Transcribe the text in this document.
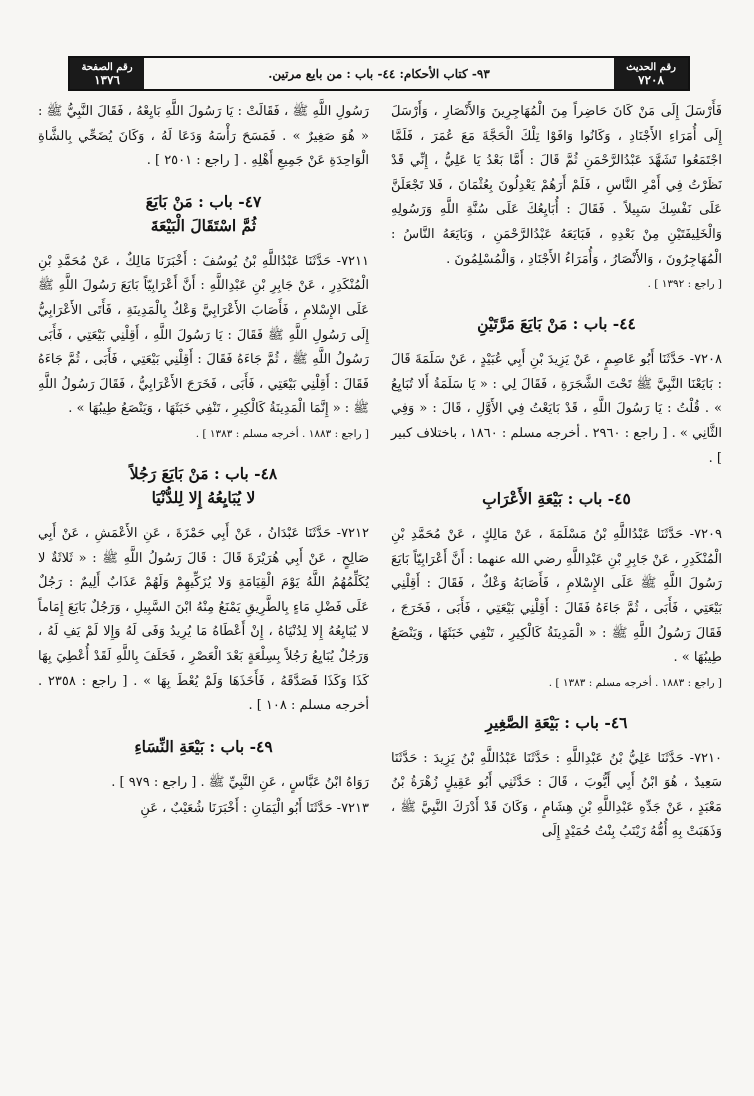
رقم الحديث
٧٢٠٨
٩٣- كتاب الأحكام: ٤٤- باب : من بايع مرتين.
رقم الصفحة
١٣٧٦

فَأَرْسَلَ إِلَى مَنْ كَانَ حَاضِراً مِنَ الْمُهَاجِرِينَ وَالأَنْصَارِ ، وَأَرْسَلَ إِلَى أُمَرَاءِ الأَجْنَادِ ، وَكَانُوا وَافَوْا تِلْكَ الْحَجَّةَ مَعَ عُمَرَ ، فَلَمَّا اجْتَمَعُوا تَشَهَّدَ عَبْدُالرَّحْمَنِ ثُمَّ قَالَ : أَمَّا بَعْدُ يَا عَلِيُّ ، إِنِّي قَدْ نَظَرْتُ فِي أَمْرِ النَّاسِ ، فَلَمْ أَرَهُمْ يَعْدِلُونَ بِعُثْمَانَ ، فَلا تَجْعَلَنَّ عَلَى نَفْسِكَ سَبِيلاً . فَقَالَ : أُبَايِعُكَ عَلَى سُنَّةِ اللَّهِ وَرَسُولِهِ وَالْخَلِيفَتَيْنِ مِنْ بَعْدِهِ ، فَبَايَعَهُ عَبْدُالرَّحْمَنِ ، وَبَايَعَهُ النَّاسُ : الْمُهَاجِرُونَ ، وَالأَنْصَارُ ، وَأُمَرَاءُ الأَجْنَادِ ، وَالْمُسْلِمُونَ .

[ راجع : ١٣٩٢ ] .

٤٤- باب : مَنْ بَايَعَ مَرَّتَيْنِ

٧٢٠٨- حَدَّثَنَا أَبُو عَاصِمٍ ، عَنْ يَزِيدَ بْنِ أَبِي عُبَيْدٍ ، عَنْ سَلَمَةَ قَالَ : بَايَعْنَا النَّبِيَّ ﷺ تَحْتَ الشَّجَرَةِ ، فَقَالَ لِي : « يَا سَلَمَةُ أَلا تُبَايِعُ » . قُلْتُ : يَا رَسُولَ اللَّهِ ، قَدْ بَايَعْتُ فِي الأَوَّلِ ، قَالَ : « وَفِي الثَّانِي » . [ راجع : ٢٩٦٠ . أخرجه مسلم : ١٨٦٠ ، باختلاف كبير ] .

٤٥- باب : بَيْعَةِ الأَعْرَابِ

٧٢٠٩- حَدَّثَنَا عَبْدُاللَّهِ بْنُ مَسْلَمَةَ ، عَنْ مَالِكٍ ، عَنْ مُحَمَّدِ بْنِ الْمُنْكَدِرِ ، عَنْ جَابِرِ بْنِ عَبْدِاللَّهِ رضي الله عنهما : أَنَّ أَعْرَابِيّاً بَايَعَ رَسُولَ اللَّهِ ﷺ عَلَى الإِسْلامِ ، فَأَصَابَهُ وَعْكٌ ، فَقَالَ : أَقِلْنِي بَيْعَتِي ، فَأَبَى ، ثُمَّ جَاءَهُ فَقَالَ : أَقِلْنِي بَيْعَتِي ، فَأَبَى ، فَخَرَجَ ، فَقَالَ رَسُولُ اللَّهِ ﷺ : « الْمَدِينَةُ كَالْكِيرِ ، تَنْفِي خَبَثَهَا ، وَيَنْصَعُ طِيبُهَا » .

[ راجع : ١٨٨٣ . أخرجه مسلم : ١٣٨٣ ] .

٤٦- باب : بَيْعَةِ الصَّغِيرِ

٧٢١٠- حَدَّثَنَا عَلِيُّ بْنُ عَبْدِاللَّهِ : حَدَّثَنَا عَبْدُاللَّهِ بْنُ يَزِيدَ : حَدَّثَنَا سَعِيدٌ ، هُوَ ابْنُ أَبِي أَيُّوبَ ، قَالَ : حَدَّثَنِي أَبُو عَقِيلٍ زُهْرَةُ بْنُ مَعْبَدٍ ، عَنْ جَدِّهِ عَبْدِاللَّهِ بْنِ هِشَامٍ ، وَكَانَ قَدْ أَدْرَكَ النَّبِيَّ ﷺ ، وَذَهَبَتْ بِهِ أُمُّهُ زَيْنَبُ بِنْتُ حُمَيْدٍ إِلَى

رَسُولِ اللَّهِ ﷺ ، فَقَالَتْ : يَا رَسُولَ اللَّهِ بَايِعْهُ ، فَقَالَ النَّبِيُّ ﷺ : « هُوَ صَغِيرٌ » . فَمَسَحَ رَأْسَهُ وَدَعَا لَهُ ، وَكَانَ يُضَحِّي بِالشَّاةِ الْوَاحِدَةِ عَنْ جَمِيعِ أَهْلِهِ . [ راجع : ٢٥٠١ ] .

٤٧- باب : مَنْ بَايَعَ
ثُمَّ اسْتَقَالَ الْبَيْعَةَ

٧٢١١- حَدَّثَنَا عَبْدُاللَّهِ بْنُ يُوسُفَ : أَخْبَرَنَا مَالِكٌ ، عَنْ مُحَمَّدِ بْنِ الْمُنْكَدِرِ ، عَنْ جَابِرِ بْنِ عَبْدِاللَّهِ : أَنَّ أَعْرَابِيّاً بَايَعَ رَسُولَ اللَّهِ ﷺ عَلَى الإِسْلامِ ، فَأَصَابَ الأَعْرَابِيَّ وَعْكٌ بِالْمَدِينَةِ ، فَأَتَى الأَعْرَابِيُّ إِلَى رَسُولِ اللَّهِ ﷺ فَقَالَ : يَا رَسُولَ اللَّهِ ، أَقِلْنِي بَيْعَتِي ، فَأَبَى رَسُولُ اللَّهِ ﷺ ، ثُمَّ جَاءَهُ فَقَالَ : أَقِلْنِي بَيْعَتِي ، فَأَبَى ، ثُمَّ جَاءَهُ فَقَالَ : أَقِلْنِي بَيْعَتِي ، فَأَبَى ، فَخَرَجَ الأَعْرَابِيُّ ، فَقَالَ رَسُولُ اللَّهِ ﷺ : « إِنَّمَا الْمَدِينَةُ كَالْكِيرِ ، تَنْفِي خَبَثَهَا ، وَيَنْصَعُ طِيبُهَا » .

[ راجع : ١٨٨٣ . أخرجه مسلم : ١٣٨٣ ] .

٤٨- باب : مَنْ بَايَعَ رَجُلاً
لا يُبَايِعُهُ إِلا لِلدُّنْيَا

٧٢١٢- حَدَّثَنَا عَبْدَانُ ، عَنْ أَبِي حَمْزَةَ ، عَنِ الأَعْمَشِ ، عَنْ أَبِي صَالِحٍ ، عَنْ أَبِي هُرَيْرَةَ قَالَ : قَالَ رَسُولُ اللَّهِ ﷺ : « ثَلاثَةٌ لا يُكَلِّمُهُمُ اللَّهُ يَوْمَ الْقِيَامَةِ وَلا يُزَكِّيهِمْ وَلَهُمْ عَذَابٌ أَلِيمٌ : رَجُلٌ عَلَى فَضْلِ مَاءٍ بِالطَّرِيقِ يَمْنَعُ مِنْهُ ابْنَ السَّبِيلِ ، وَرَجُلٌ بَايَعَ إِمَاماً لا يُبَايِعُهُ إِلا لِدُنْيَاهُ ، إِنْ أَعْطَاهُ مَا يُرِيدُ وَفَى لَهُ وَإِلا لَمْ يَفِ لَهُ ، وَرَجُلٌ يُبَايِعُ رَجُلاً بِسِلْعَةٍ بَعْدَ الْعَصْرِ ، فَحَلَفَ بِاللَّهِ لَقَدْ أُعْطِيَ بِهَا كَذَا وَكَذَا فَصَدَّقَهُ ، فَأَخَذَهَا وَلَمْ يُعْطَ بِهَا » . [ راجع : ٢٣٥٨ . أخرجه مسلم : ١٠٨ ] .

٤٩- باب : بَيْعَةِ النِّسَاءِ

رَوَاهُ ابْنُ عَبَّاسٍ ، عَنِ النَّبِيِّ ﷺ . [ راجع : ٩٧٩ ] .

٧٢١٣- حَدَّثَنَا أَبُو الْيَمَانِ : أَخْبَرَنَا شُعَيْبٌ ، عَنِ
